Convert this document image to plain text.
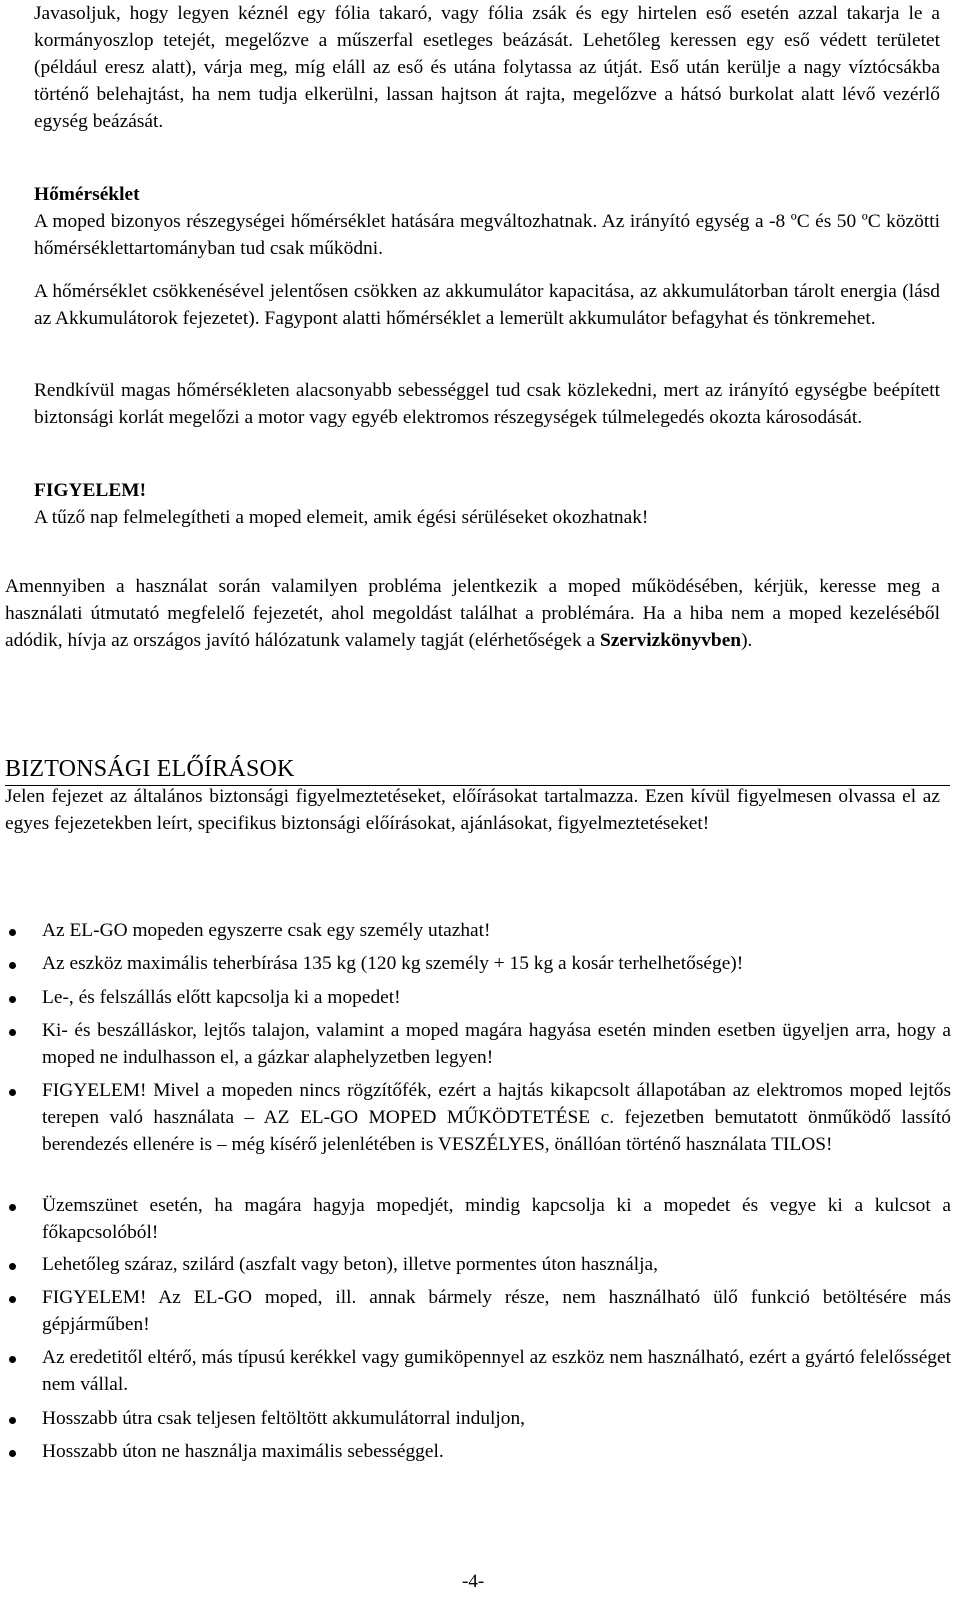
Javasoljuk, hogy legyen kéznél egy fólia takaró, vagy fólia zsák és egy hirtelen eső esetén azzal takarja le a kormányoszlop tetejét, megelőzve a műszerfal esetleges beázását. Lehetőleg keressen egy eső védett területet (például eresz alatt), várja meg, míg eláll az eső és utána folytassa az útját. Eső után kerülje a nagy víztócsákba történő belehajtást, ha nem tudja elkerülni, lassan hajtson át rajta, megelőzve a hátsó burkolat alatt lévő vezérlő egység beázását.

Hőmérséklet

A moped bizonyos részegységei hőmérséklet hatására megváltozhatnak. Az irányító egység a -8 ºC és 50 ºC közötti hőmérséklettartományban tud csak működni.

A hőmérséklet csökkenésével jelentősen csökken az akkumulátor kapacitása, az akkumulátorban tárolt energia (lásd az Akkumulátorok fejezetet). Fagypont alatti hőmérséklet a lemerült akkumulátor befagyhat és tönkremehet.

Rendkívül magas hőmérsékleten alacsonyabb sebességgel tud csak közlekedni, mert az irányító egységbe beépített biztonsági korlát megelőzi a motor vagy egyéb elektromos részegységek túlmelegedés okozta károsodását.

FIGYELEM!

A tűző nap felmelegítheti a moped elemeit, amik égési sérüléseket okozhatnak!

Amennyiben a használat során valamilyen probléma jelentkezik a moped működésében, kérjük, keresse meg a használati útmutató megfelelő fejezetét, ahol megoldást találhat a problémára. Ha a hiba nem a moped kezeléséből adódik, hívja az országos javító hálózatunk valamely tagját (elérhetőségek a Szervizkönyvben).

BIZTONSÁGI ELŐÍRÁSOK

Jelen fejezet az általános biztonsági figyelmeztetéseket, előírásokat tartalmazza. Ezen kívül figyelmesen olvassa el az egyes fejezetekben leírt, specifikus biztonsági előírásokat, ajánlásokat, figyelmeztetéseket!

Az EL-GO mopeden egyszerre csak egy személy utazhat!
Az eszköz maximális teherbírása 135 kg (120 kg személy + 15 kg a kosár terhelhetősége)!
Le-, és felszállás előtt kapcsolja ki a mopedet!
Ki- és beszálláskor, lejtős talajon, valamint a moped magára hagyása esetén minden esetben ügyeljen arra, hogy a moped ne indulhasson el, a gázkar alaphelyzetben legyen!
FIGYELEM! Mivel a mopeden nincs rögzítőfék, ezért a hajtás kikapcsolt állapotában az elektromos moped lejtős terepen való használata – AZ EL-GO MOPED MŰKÖDTETÉSE c. fejezetben bemutatott önműködő lassító berendezés ellenére is – még kísérő jelenlétében is VESZÉLYES, önállóan történő használata TILOS!
Üzemszünet esetén, ha magára hagyja mopedjét, mindig kapcsolja ki a mopedet és vegye ki a kulcsot a főkapcsolóból!
Lehetőleg száraz, szilárd (aszfalt vagy beton), illetve pormentes úton használja,
FIGYELEM! Az EL-GO moped, ill. annak bármely része, nem használható ülő funkció betöltésére más gépjárműben!
Az eredetitől eltérő, más típusú kerékkel vagy gumiköpennyel az eszköz nem használható, ezért a gyártó felelősséget nem vállal.
Hosszabb útra csak teljesen feltöltött akkumulátorral induljon,
Hosszabb úton ne használja maximális sebességgel.
-4-
